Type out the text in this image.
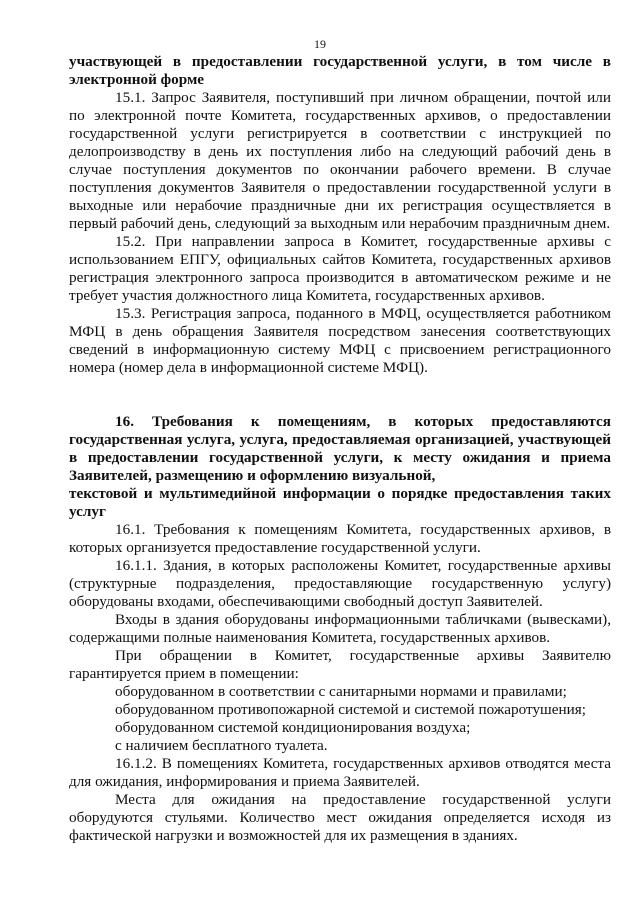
19

участвующей в предоставлении государственной услуги, в том числе в электронной форме

15.1. Запрос Заявителя, поступивший при личном обращении, почтой или по электронной почте Комитета, государственных архивов, о предоставлении государственной услуги регистрируется в соответствии с инструкцией по делопроизводству в день их поступления либо на следующий рабочий день в случае поступления документов по окончании рабочего времени. В случае поступления документов Заявителя о предоставлении государственной услуги в выходные или нерабочие праздничные дни их регистрация осуществляется в первый рабочий день, следующий за выходным или нерабочим праздничным днем.

15.2. При направлении запроса в Комитет, государственные архивы с использованием ЕПГУ, официальных сайтов Комитета, государственных архивов регистрация электронного запроса производится в автоматическом режиме и не требует участия должностного лица Комитета, государственных архивов.

15.3. Регистрация запроса, поданного в МФЦ, осуществляется работником МФЦ в день обращения Заявителя посредством занесения соответствующих сведений в информационную систему МФЦ с присвоением регистрационного номера (номер дела в информационной системе МФЦ).

16. Требования к помещениям, в которых предоставляются государственная услуга, услуга, предоставляемая организацией, участвующей в предоставлении государственной услуги, к месту ожидания и приема Заявителей, размещению и оформлению визуальной,

текстовой и мультимедийной информации о порядке предоставления таких услуг

16.1. Требования к помещениям Комитета, государственных архивов, в которых организуется предоставление государственной услуги.

16.1.1. Здания, в которых расположены Комитет, государственные архивы (структурные подразделения, предоставляющие государственную услугу) оборудованы входами, обеспечивающими свободный доступ Заявителей.

Входы в здания оборудованы информационными табличками (вывесками), содержащими полные наименования Комитета, государственных архивов.

При обращении в Комитет, государственные архивы Заявителю гарантируется прием в помещении:

оборудованном в соответствии с санитарными нормами и правилами;

оборудованном противопожарной системой и системой пожаротушения;

оборудованном системой кондиционирования воздуха;

с наличием бесплатного туалета.

16.1.2. В помещениях Комитета, государственных архивов отводятся места для ожидания, информирования и приема Заявителей.

Места для ожидания на предоставление государственной услуги оборудуются стульями. Количество мест ожидания определяется исходя из фактической нагрузки и возможностей для их размещения в зданиях.
